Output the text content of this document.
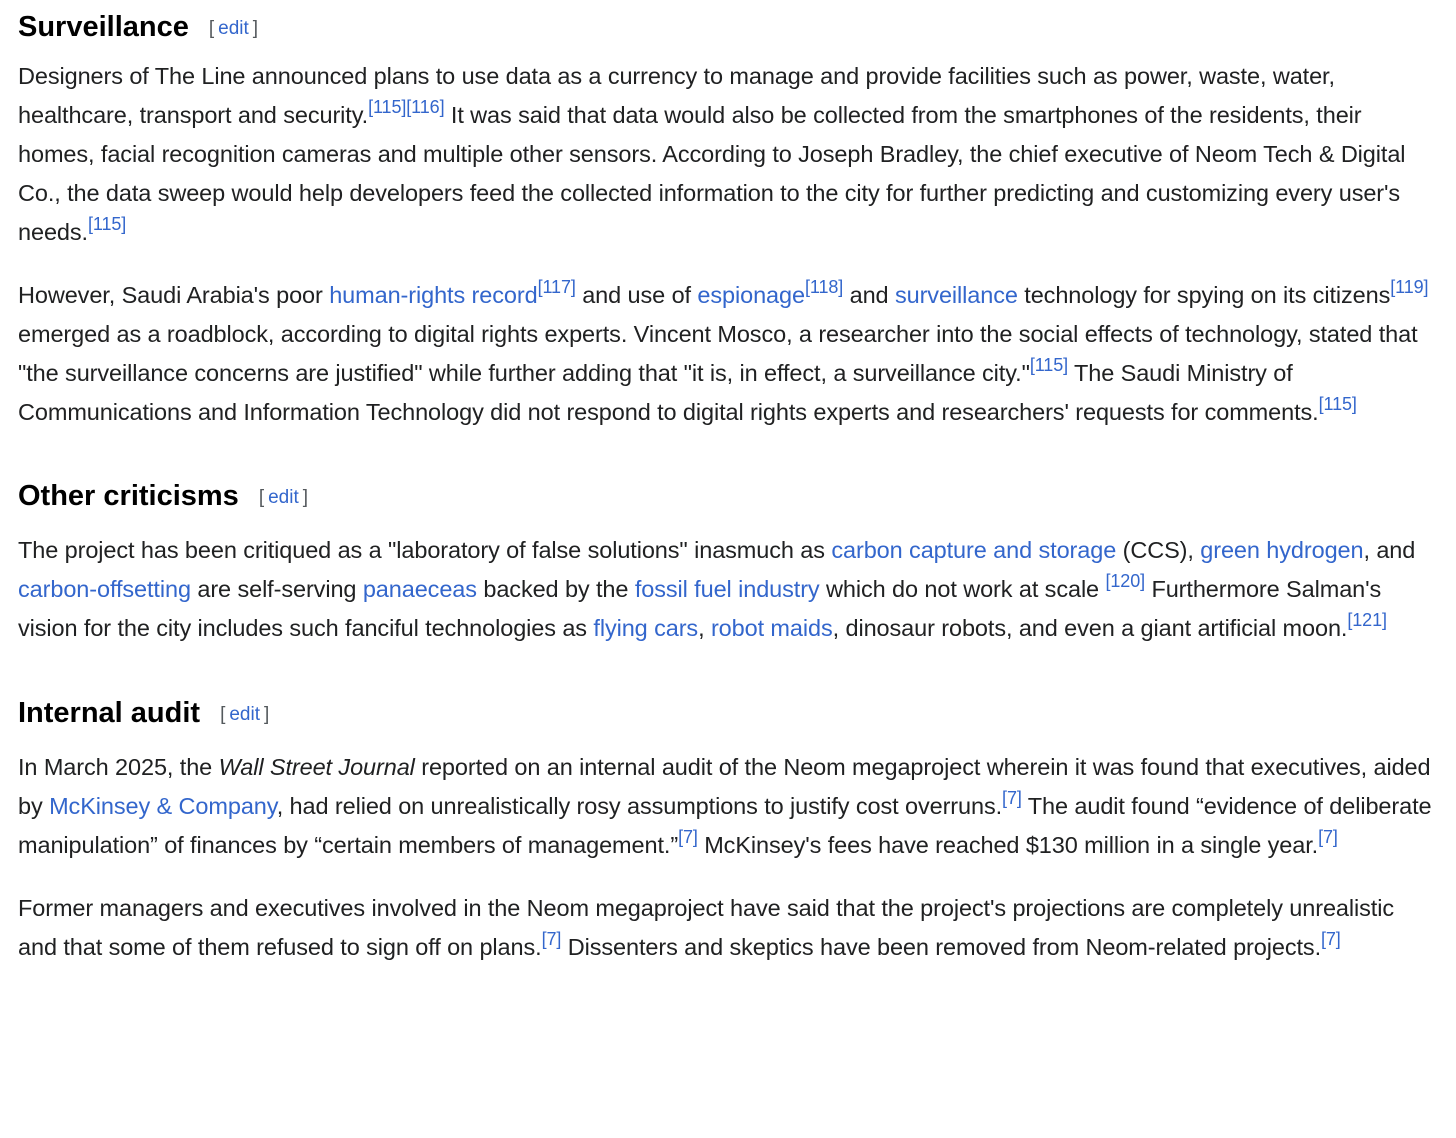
Surveillance [ edit ]

Designers of The Line announced plans to use data as a currency to manage and provide facilities such as power, waste, water, healthcare, transport and security.[115][116] It was said that data would also be collected from the smartphones of the residents, their homes, facial recognition cameras and multiple other sensors. According to Joseph Bradley, the chief executive of Neom Tech & Digital Co., the data sweep would help developers feed the collected information to the city for further predicting and customizing every user's needs.[115]

However, Saudi Arabia's poor human-rights record[117] and use of espionage[118] and surveillance technology for spying on its citizens[119] emerged as a roadblock, according to digital rights experts. Vincent Mosco, a researcher into the social effects of technology, stated that "the surveillance concerns are justified" while further adding that "it is, in effect, a surveillance city."[115] The Saudi Ministry of Communications and Information Technology did not respond to digital rights experts and researchers' requests for comments.[115]

Other criticisms [ edit ]

The project has been critiqued as a "laboratory of false solutions" inasmuch as carbon capture and storage (CCS), green hydrogen, and carbon-offsetting are self-serving panaeceas backed by the fossil fuel industry which do not work at scale [120] Furthermore Salman's vision for the city includes such fanciful technologies as flying cars, robot maids, dinosaur robots, and even a giant artificial moon.[121]

Internal audit [ edit ]

In March 2025, the Wall Street Journal reported on an internal audit of the Neom megaproject wherein it was found that executives, aided by McKinsey & Company, had relied on unrealistically rosy assumptions to justify cost overruns.[7] The audit found “evidence of deliberate manipulation” of finances by “certain members of management.”[7] McKinsey's fees have reached $130 million in a single year.[7]

Former managers and executives involved in the Neom megaproject have said that the project's projections are completely unrealistic and that some of them refused to sign off on plans.[7] Dissenters and skeptics have been removed from Neom-related projects.[7]
